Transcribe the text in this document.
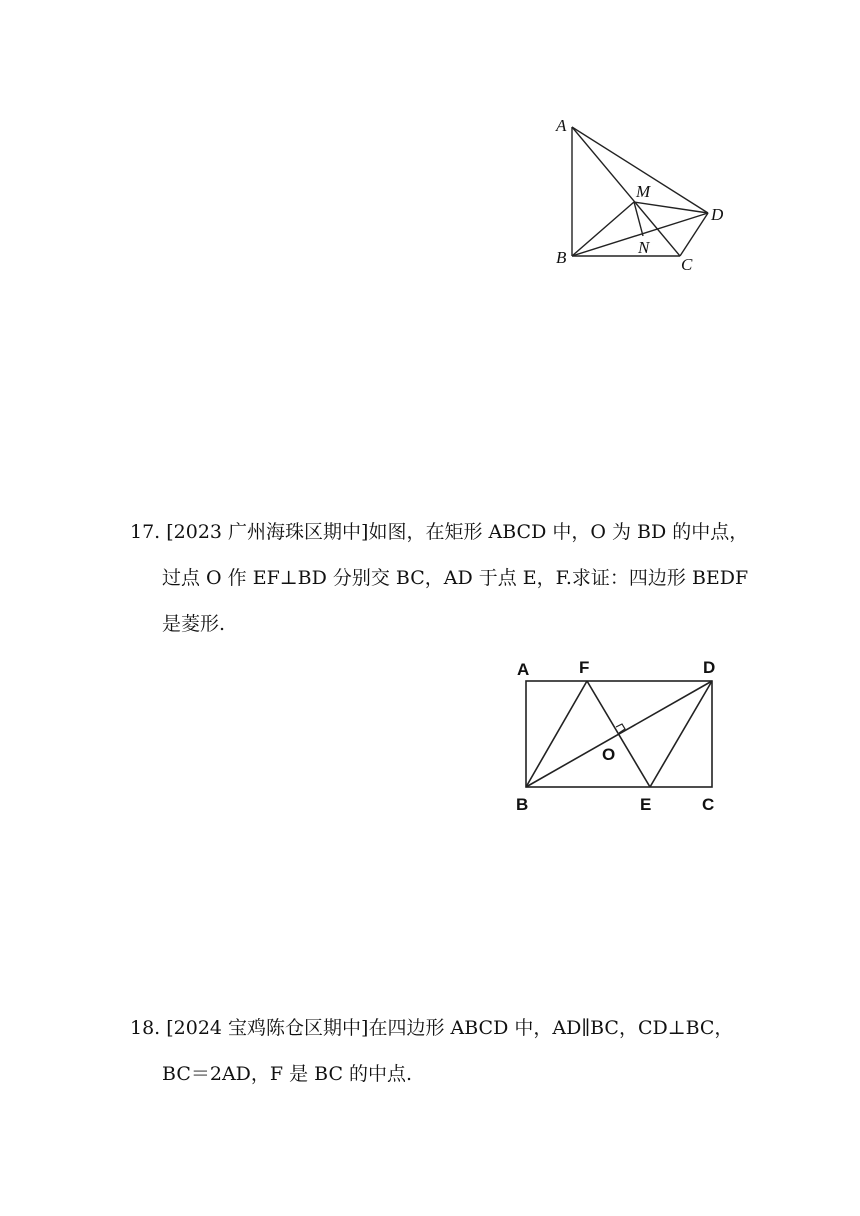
A
B	C
D
M
N
17. [2023 广州海珠区期中]如图，在矩形 ABCD 中，O 为 BD 的中点，
过点 O 作 EF⊥BD 分别交 BC，AD 于点 E，F.求证：四边形 BEDF
是菱形.
A	F	D
O
B	E	C
18. [2024 宝鸡陈仓区期中]在四边形 ABCD 中，AD∥BC，CD⊥BC，
BC＝2AD，F 是 BC 的中点.
